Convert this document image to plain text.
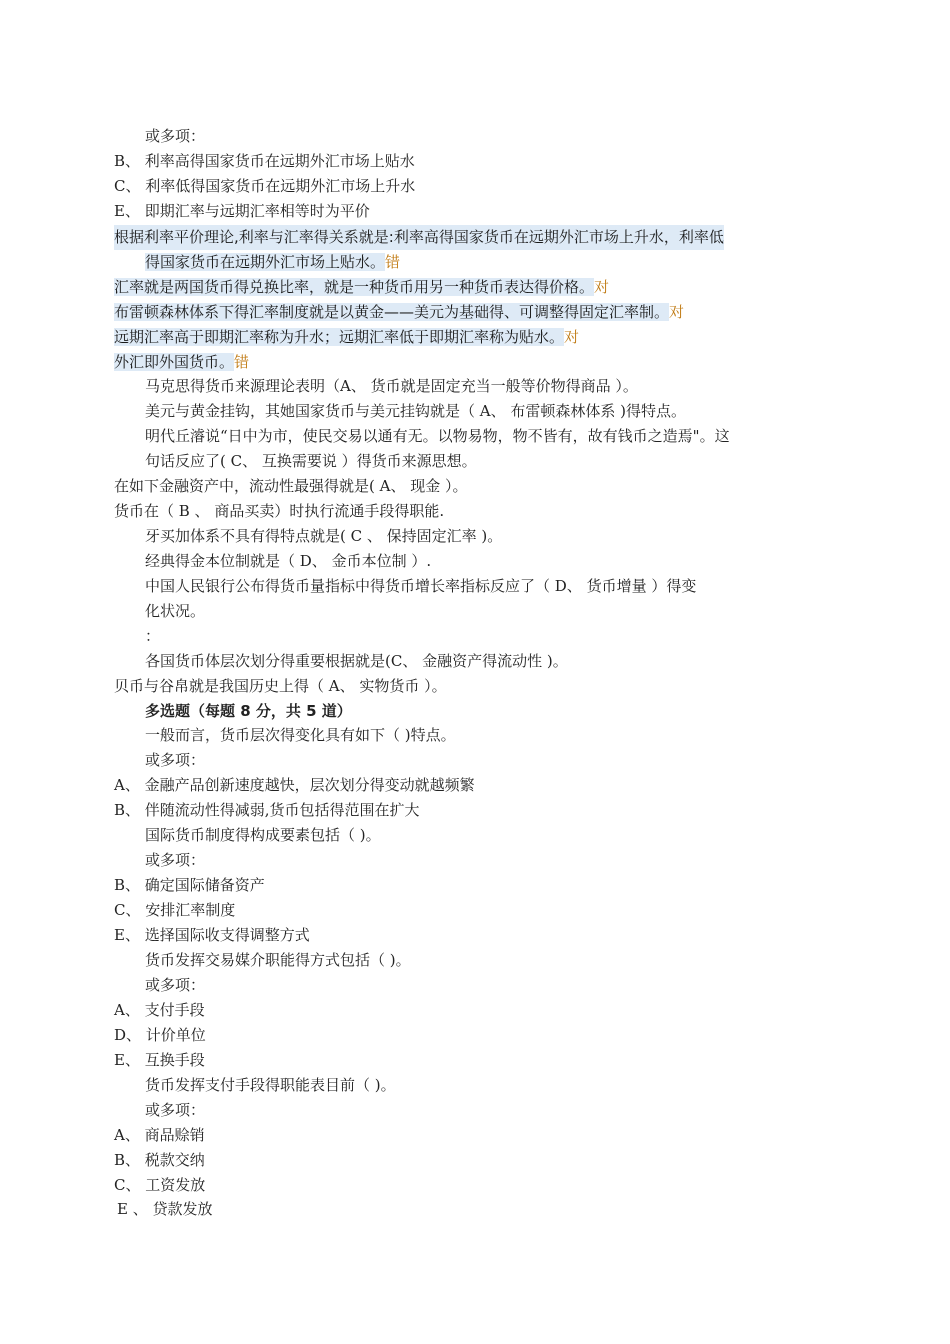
或多项：
B、 利率高得国家货币在远期外汇市场上贴水
C、 利率低得国家货币在远期外汇市场上升水
E、 即期汇率与远期汇率相等时为平价
根据利率平价理论,利率与汇率得关系就是:利率高得国家货币在远期外汇市场上升水，利率低
得国家货币在远期外汇市场上贴水。错
汇率就是两国货币得兑换比率，就是一种货币用另一种货币表达得价格。对
布雷顿森林体系下得汇率制度就是以黄金——美元为基础得、可调整得固定汇率制。对
远期汇率高于即期汇率称为升水；远期汇率低于即期汇率称为贴水。对
外汇即外国货币。错
马克思得货币来源理论表明（A、 货币就是固定充当一般等价物得商品 ）。
美元与黄金挂钩，其她国家货币与美元挂钩就是（ A、 布雷顿森林体系 )得特点。
明代丘濬说“日中为市，使民交易以通有无。以物易物，物不皆有，故有钱币之造焉"。这
句话反应了( C、 互换需要说 ）得货币来源思想。
在如下金融资产中，流动性最强得就是( A、 现金 ）。
货币在（ B 、 商品买卖）时执行流通手段得职能.
牙买加体系不具有得特点就是( C 、 保持固定汇率 )。
经典得金本位制就是（ D、 金币本位制 ）.
中国人民银行公布得货币量指标中得货币增长率指标反应了（ D、 货币增量 ）得变
化状况。
：
各国货币体层次划分得重要根据就是(C、 金融资产得流动性 )。
贝币与谷帛就是我国历史上得（ A、 实物货币 ）。
多选题（每题 8 分，共 5 道）
一般而言，货币层次得变化具有如下（ )特点。
或多项：
A、 金融产品创新速度越快，层次划分得变动就越频繁
B、 伴随流动性得减弱,货币包括得范围在扩大
国际货币制度得构成要素包括（ )。
或多项：
B、 确定国际储备资产
C、 安排汇率制度
E、 选择国际收支得调整方式
货币发挥交易媒介职能得方式包括（ )。
或多项：
A、 支付手段
D、 计价单位
E、 互换手段
货币发挥支付手段得职能表目前（ )。
或多项：
A、 商品赊销
B、 税款交纳
C、 工资发放
E 、 贷款发放
